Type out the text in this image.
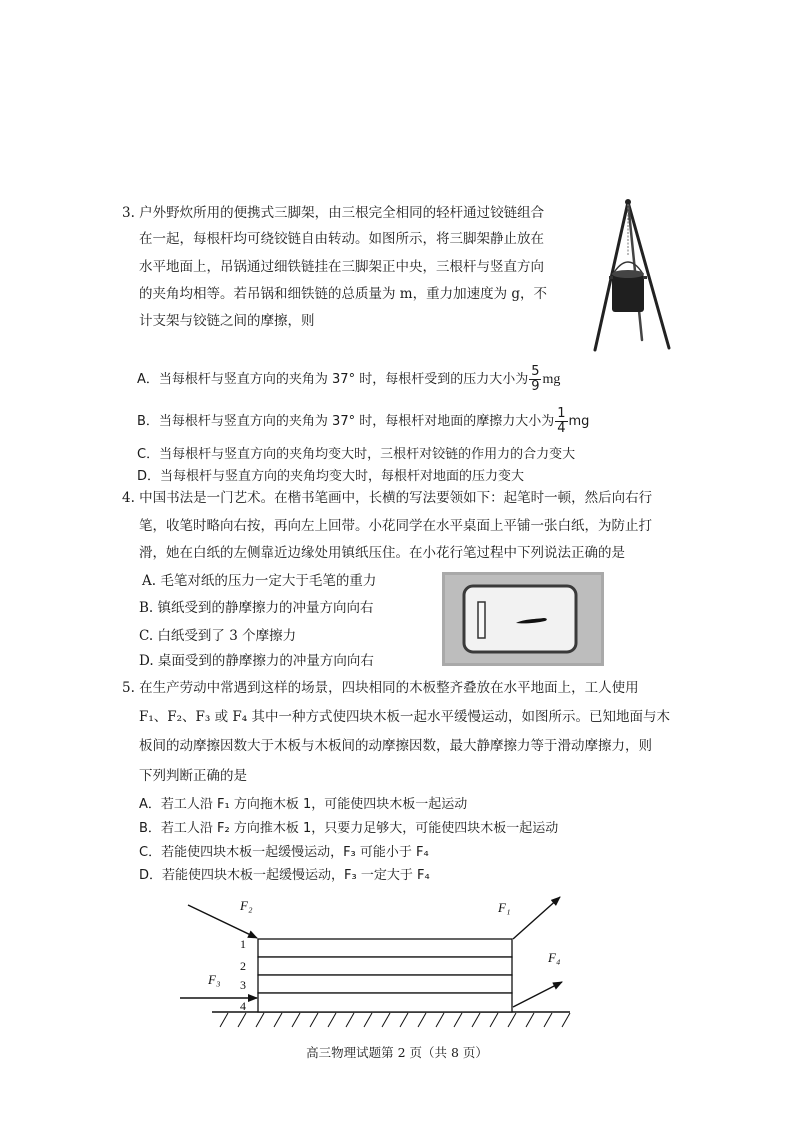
3. 户外野炊所用的便携式三脚架，由三根完全相同的轻杆通过铰链组合
在一起，每根杆均可绕铰链自由转动。如图所示，将三脚架静止放在
水平地面上，吊锅通过细铁链挂在三脚架正中央，三根杆与竖直方向
的夹角均相等。若吊锅和细铁链的总质量为 m，重力加速度为 g，不
计支架与铰链之间的摩擦，则
A．当每根杆与竖直方向的夹角为 37° 时，每根杆受到的压力大小为 $\frac{5}{9}$ mg
B．当每根杆与竖直方向的夹角为 37° 时，每根杆对地面的摩擦力大小为 $\frac{1}{4}$ mg
C．当每根杆与竖直方向的夹角均变大时，三根杆对铰链的作用力的合力变大
D．当每根杆与竖直方向的夹角均变大时，每根杆对地面的压力变大
4. 中国书法是一门艺术。在楷书笔画中，长横的写法要领如下：起笔时一顿，然后向右行
笔，收笔时略向右按，再向左上回带。小花同学在水平桌面上平铺一张白纸，为防止打
滑，她在白纸的左侧靠近边缘处用镇纸压住。在小花行笔过程中下列说法正确的是
A. 毛笔对纸的压力一定大于毛笔的重力
B. 镇纸受到的静摩擦力的冲量方向向右
C. 白纸受到了 3 个摩擦力
D. 桌面受到的静摩擦力的冲量方向向右
5. 在生产劳动中常遇到这样的场景，四块相同的木板整齐叠放在水平地面上，工人使用
F₁、F₂、F₃ 或 F₄ 其中一种方式使四块木板一起水平缓慢运动，如图所示。已知地面与木
板间的动摩擦因数大于木板与木板间的动摩擦因数，最大静摩擦力等于滑动摩擦力，则
下列判断正确的是
A．若工人沿 F₁ 方向拖木板 1，可能使四块木板一起运动
B．若工人沿 F₂ 方向推木板 1，只要力足够大，可能使四块木板一起运动
C．若能使四块木板一起缓慢运动，F₃ 可能小于 F₄
D．若能使四块木板一起缓慢运动，F₃ 一定大于 F₄
1
2
3
4
F₂
F₃
F₁
F₄
高三物理试题第 2 页（共 8 页）
